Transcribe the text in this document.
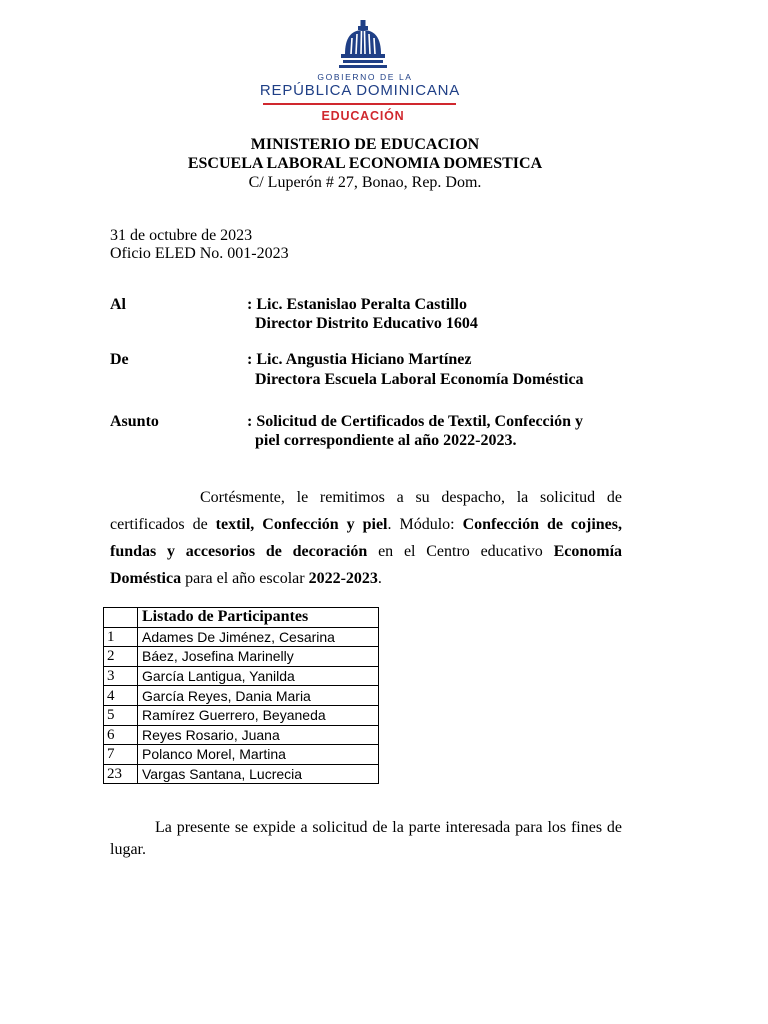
GOBIERNO DE LA
REPÚBLICA DOMINICANA
EDUCACIÓN
MINISTERIO DE EDUCACION
ESCUELA LABORAL ECONOMIA DOMESTICA
C/ Luperón # 27, Bonao, Rep. Dom.
31 de octubre de 2023
Oficio ELED No. 001-2023
Al	: Lic. Estanislao Peralta Castillo
Director Distrito Educativo 1604
De	: Lic. Angustia Hiciano Martínez
Directora Escuela Laboral Economía Doméstica
Asunto	: Solicitud de Certificados de Textil, Confección y
piel correspondiente al año 2022-2023.
Cortésmente, le remitimos a su despacho, la solicitud de certificados de textil, Confección y piel. Módulo: Confección de cojines, fundas y accesorios de decoración en el Centro educativo Economía Doméstica para el año escolar 2022-2023.
	Listado de Participantes
1	Adames De Jiménez, Cesarina
2	Báez, Josefina Marinelly
3	García Lantigua, Yanilda
4	García Reyes, Dania Maria
5	Ramírez Guerrero, Beyaneda
6	Reyes Rosario, Juana
7	Polanco Morel, Martina
23	Vargas Santana, Lucrecia
La presente se expide a solicitud de la parte interesada para los fines de lugar.
